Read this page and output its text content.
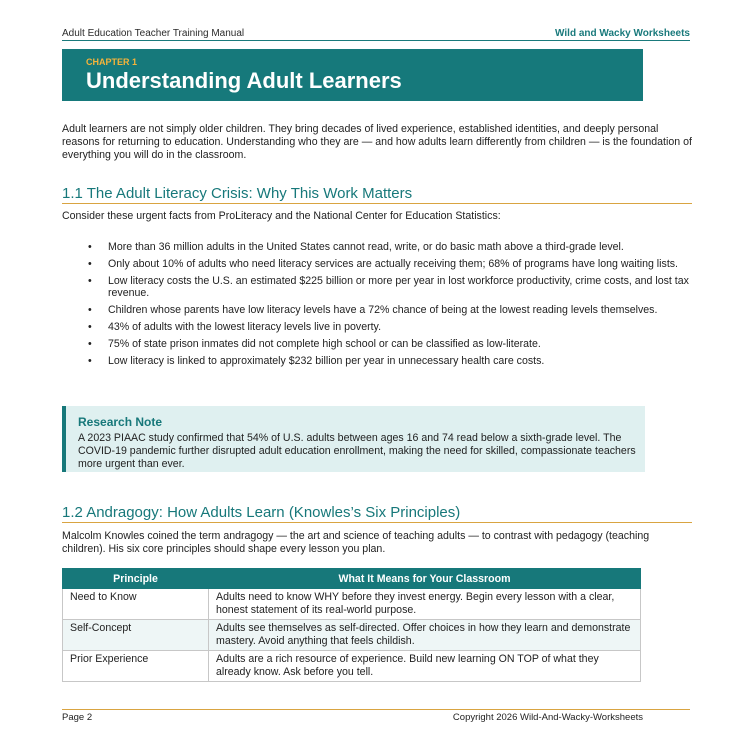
Adult Education Teacher Training Manual	Wild and Wacky Worksheets
CHAPTER 1
Understanding Adult Learners
Adult learners are not simply older children. They bring decades of lived experience, established identities, and deeply personal reasons for returning to education. Understanding who they are — and how adults learn differently from children — is the foundation of everything you will do in the classroom.
1.1 The Adult Literacy Crisis: Why This Work Matters
Consider these urgent facts from ProLiteracy and the National Center for Education Statistics:
• More than 36 million adults in the United States cannot read, write, or do basic math above a third-grade level.
• Only about 10% of adults who need literacy services are actually receiving them; 68% of programs have long waiting lists.
• Low literacy costs the U.S. an estimated $225 billion or more per year in lost workforce productivity, crime costs, and lost tax revenue.
• Children whose parents have low literacy levels have a 72% chance of being at the lowest reading levels themselves.
• 43% of adults with the lowest literacy levels live in poverty.
• 75% of state prison inmates did not complete high school or can be classified as low-literate.
• Low literacy is linked to approximately $232 billion per year in unnecessary health care costs.
Research Note
A 2023 PIAAC study confirmed that 54% of U.S. adults between ages 16 and 74 read below a sixth-grade level. The COVID-19 pandemic further disrupted adult education enrollment, making the need for skilled, compassionate teachers more urgent than ever.
1.2 Andragogy: How Adults Learn (Knowles’s Six Principles)
Malcolm Knowles coined the term andragogy — the art and science of teaching adults — to contrast with pedagogy (teaching children). His six core principles should shape every lesson you plan.
Principle	What It Means for Your Classroom
Need to Know	Adults need to know WHY before they invest energy. Begin every lesson with a clear, honest statement of its real-world purpose.
Self-Concept	Adults see themselves as self-directed. Offer choices in how they learn and demonstrate mastery. Avoid anything that feels childish.
Prior Experience	Adults are a rich resource of experience. Build new learning ON TOP of what they already know. Ask before you tell.
Page 2	Copyright 2026 Wild-And-Wacky-Worksheets
